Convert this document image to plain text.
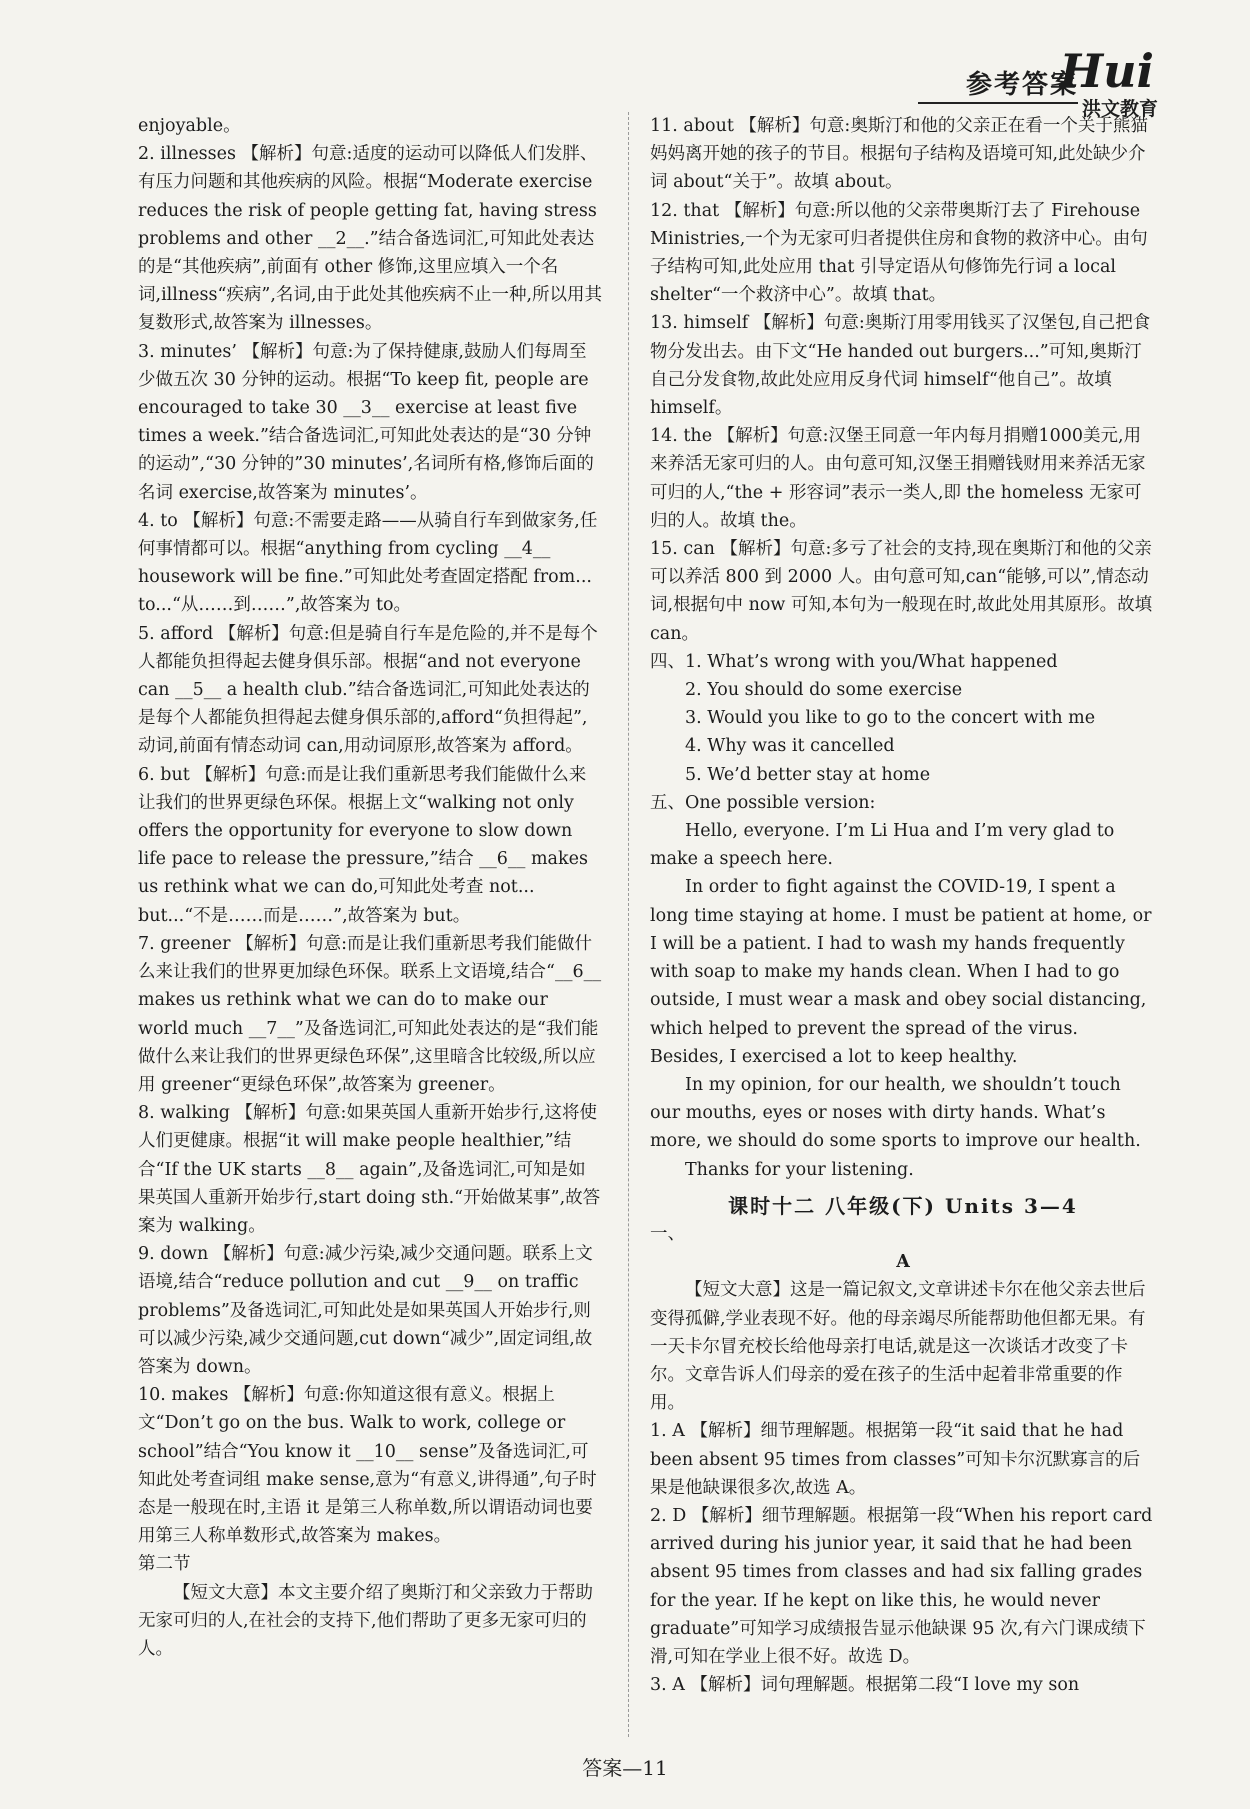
参考答案
Hui
洪文教育

enjoyable。

2. illnesses 【解析】句意:适度的运动可以降低人们发胖、有压力问题和其他疾病的风险。根据“Moderate exercise reduces the risk of people getting fat, having stress problems and other __2__.”结合备选词汇,可知此处表达的是“其他疾病”,前面有 other 修饰,这里应填入一个名词,illness“疾病”,名词,由于此处其他疾病不止一种,所以用其复数形式,故答案为 illnesses。

3. minutes’ 【解析】句意:为了保持健康,鼓励人们每周至少做五次 30 分钟的运动。根据“To keep fit, people are encouraged to take 30 __3__ exercise at least five times a week.”结合备选词汇,可知此处表达的是“30 分钟的运动”,“30 分钟的”30 minutes’,名词所有格,修饰后面的名词 exercise,故答案为 minutes’。

4. to 【解析】句意:不需要走路——从骑自行车到做家务,任何事情都可以。根据“anything from cycling __4__ housework will be fine.”可知此处考查固定搭配 from... to...“从……到……”,故答案为 to。

5. afford 【解析】句意:但是骑自行车是危险的,并不是每个人都能负担得起去健身俱乐部。根据“and not everyone can __5__ a health club.”结合备选词汇,可知此处表达的是每个人都能负担得起去健身俱乐部的,afford“负担得起”,动词,前面有情态动词 can,用动词原形,故答案为 afford。

6. but 【解析】句意:而是让我们重新思考我们能做什么来让我们的世界更绿色环保。根据上文“walking not only offers the opportunity for everyone to slow down life pace to release the pressure,”结合 __6__ makes us rethink what we can do,可知此处考查 not... but...“不是……而是……”,故答案为 but。

7. greener 【解析】句意:而是让我们重新思考我们能做什么来让我们的世界更加绿色环保。联系上文语境,结合“__6__ makes us rethink what we can do to make our world much __7__”及备选词汇,可知此处表达的是“我们能做什么来让我们的世界更绿色环保”,这里暗含比较级,所以应用 greener“更绿色环保”,故答案为 greener。

8. walking 【解析】句意:如果英国人重新开始步行,这将使人们更健康。根据“it will make people healthier,”结合“If the UK starts __8__ again”,及备选词汇,可知是如果英国人重新开始步行,start doing sth.“开始做某事”,故答案为 walking。

9. down 【解析】句意:减少污染,减少交通问题。联系上文语境,结合“reduce pollution and cut __9__ on traffic problems”及备选词汇,可知此处是如果英国人开始步行,则可以减少污染,减少交通问题,cut down“减少”,固定词组,故答案为 down。

10. makes 【解析】句意:你知道这很有意义。根据上文“Don’t go on the bus. Walk to work, college or school”结合“You know it __10__ sense”及备选词汇,可知此处考查词组 make sense,意为“有意义,讲得通”,句子时态是一般现在时,主语 it 是第三人称单数,所以谓语动词也要用第三人称单数形式,故答案为 makes。

第二节

【短文大意】本文主要介绍了奥斯汀和父亲致力于帮助无家可归的人,在社会的支持下,他们帮助了更多无家可归的人。

11. about 【解析】句意:奥斯汀和他的父亲正在看一个关于熊猫妈妈离开她的孩子的节目。根据句子结构及语境可知,此处缺少介词 about“关于”。故填 about。

12. that 【解析】句意:所以他的父亲带奥斯汀去了 Firehouse Ministries,一个为无家可归者提供住房和食物的救济中心。由句子结构可知,此处应用 that 引导定语从句修饰先行词 a local shelter“一个救济中心”。故填 that。

13. himself 【解析】句意:奥斯汀用零用钱买了汉堡包,自己把食物分发出去。由下文“He handed out burgers...”可知,奥斯汀自己分发食物,故此处应用反身代词 himself“他自己”。故填 himself。

14. the 【解析】句意:汉堡王同意一年内每月捐赠1000美元,用来养活无家可归的人。由句意可知,汉堡王捐赠钱财用来养活无家可归的人,“the + 形容词”表示一类人,即 the homeless 无家可归的人。故填 the。

15. can 【解析】句意:多亏了社会的支持,现在奥斯汀和他的父亲可以养活 800 到 2000 人。由句意可知,can“能够,可以”,情态动词,根据句中 now 可知,本句为一般现在时,故此处用其原形。故填 can。

四、1. What’s wrong with you/What happened

2. You should do some exercise

3. Would you like to go to the concert with me

4. Why was it cancelled

5. We’d better stay at home

五、One possible version:

Hello, everyone. I’m Li Hua and I’m very glad to make a speech here.

In order to fight against the COVID-19, I spent a long time staying at home. I must be patient at home, or I will be a patient. I had to wash my hands frequently with soap to make my hands clean. When I had to go outside, I must wear a mask and obey social distancing, which helped to prevent the spread of the virus. Besides, I exercised a lot to keep healthy.

In my opinion, for our health, we shouldn’t touch our mouths, eyes or noses with dirty hands. What’s more, we should do some sports to improve our health.

Thanks for your listening.

课时十二 八年级(下) Units 3—4

一、

A

【短文大意】这是一篇记叙文,文章讲述卡尔在他父亲去世后变得孤僻,学业表现不好。他的母亲竭尽所能帮助他但都无果。有一天卡尔冒充校长给他母亲打电话,就是这一次谈话才改变了卡尔。文章告诉人们母亲的爱在孩子的生活中起着非常重要的作用。

1. A 【解析】细节理解题。根据第一段“it said that he had been absent 95 times from classes”可知卡尔沉默寡言的后果是他缺课很多次,故选 A。

2. D 【解析】细节理解题。根据第一段“When his report card arrived during his junior year, it said that he had been absent 95 times from classes and had six falling grades for the year. If he kept on like this, he would never graduate”可知学习成绩报告显示他缺课 95 次,有六门课成绩下滑,可知在学业上很不好。故选 D。

3. A 【解析】词句理解题。根据第二段“I love my son

答案—11
